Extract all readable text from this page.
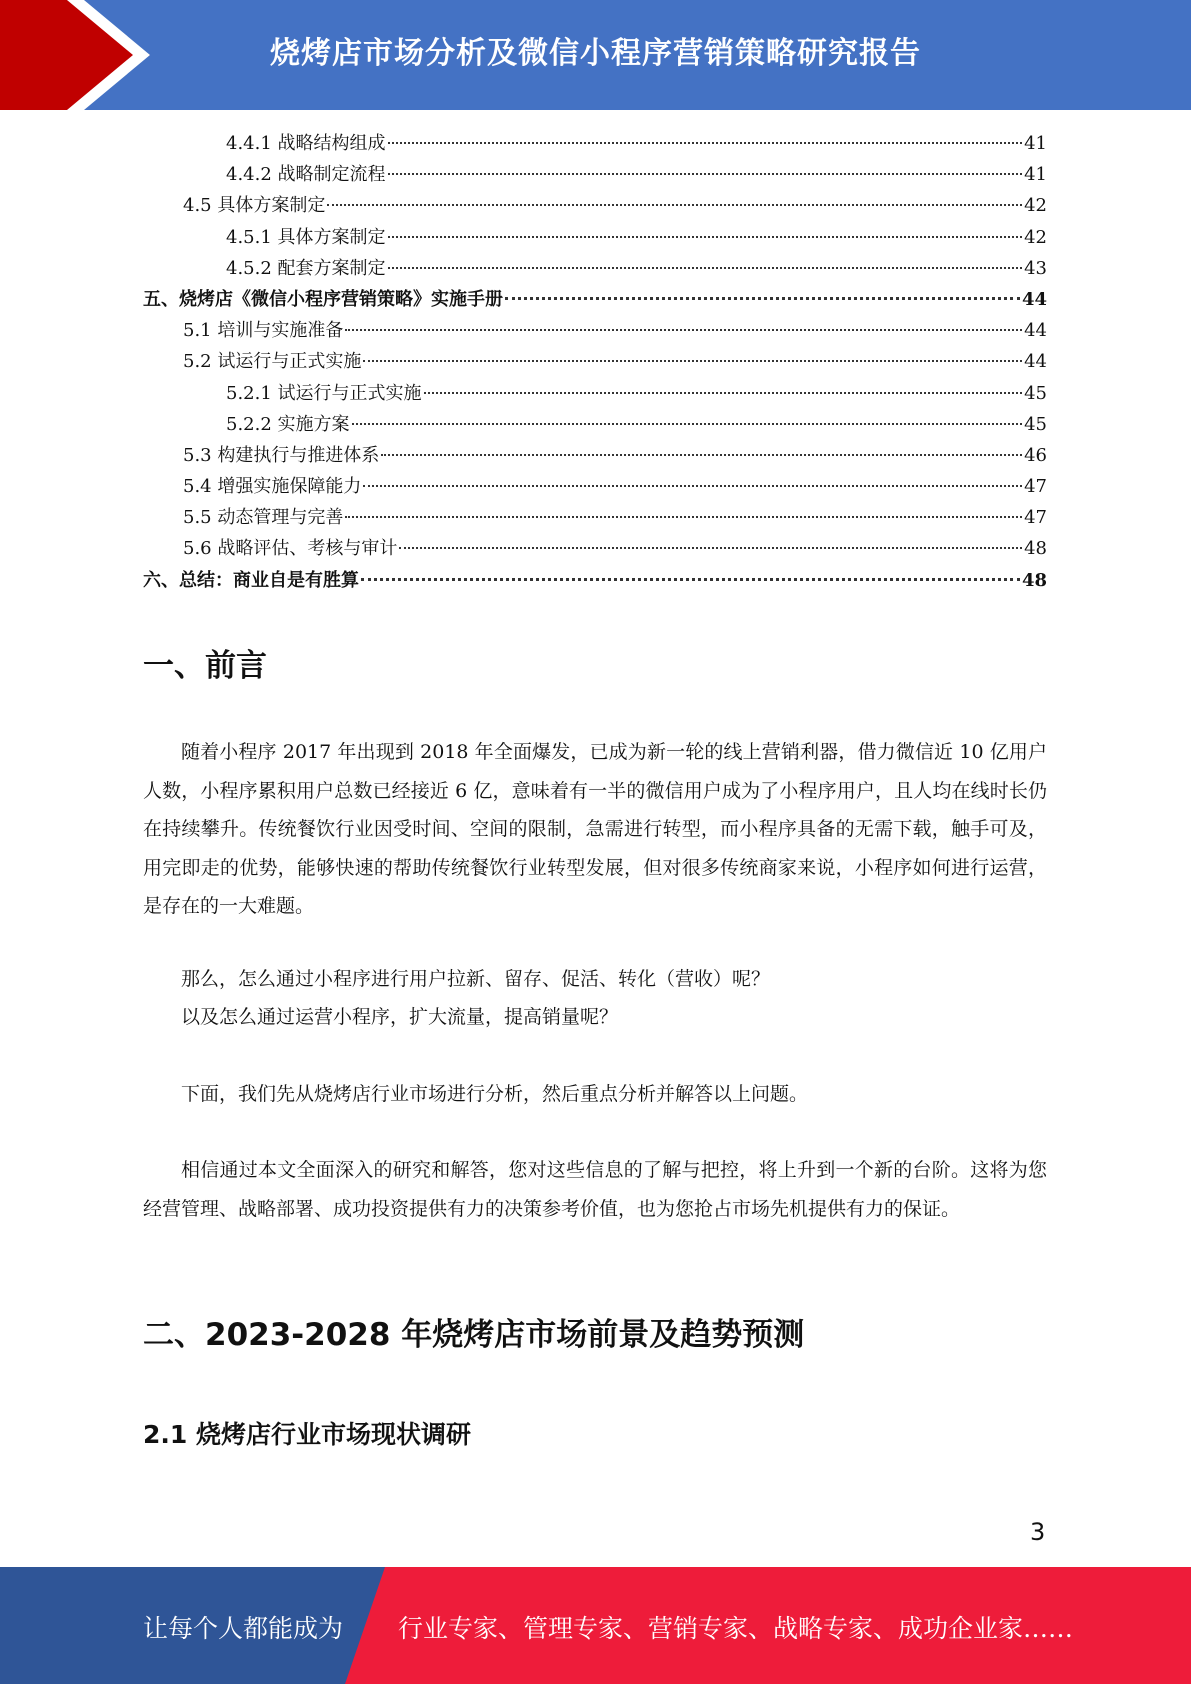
烧烤店市场分析及微信小程序营销策略研究报告
4.4.1 战略结构组成	41
4.4.2 战略制定流程	41
4.5 具体方案制定	42
4.5.1 具体方案制定	42
4.5.2 配套方案制定	43
五、烧烤店《微信小程序营销策略》实施手册	44
5.1 培训与实施准备	44
5.2 试运行与正式实施	44
5.2.1 试运行与正式实施	45
5.2.2 实施方案	45
5.3 构建执行与推进体系	46
5.4 增强实施保障能力	47
5.5 动态管理与完善	47
5.6 战略评估、考核与审计	48
六、总结：商业自是有胜算	48
一、前言

随着小程序 2017 年出现到 2018 年全面爆发，已成为新一轮的线上营销利器，借力微信近 10 亿用户人数，小程序累积用户总数已经接近 6 亿，意味着有一半的微信用户成为了小程序用户，且人均在线时长仍在持续攀升。传统餐饮行业因受时间、空间的限制，急需进行转型，而小程序具备的无需下载，触手可及，用完即走的优势，能够快速的帮助传统餐饮行业转型发展，但对很多传统商家来说，小程序如何进行运营，是存在的一大难题。

那么，怎么通过小程序进行用户拉新、留存、促活、转化（营收）呢？

以及怎么通过运营小程序，扩大流量，提高销量呢？

下面，我们先从烧烤店行业市场进行分析，然后重点分析并解答以上问题。

相信通过本文全面深入的研究和解答，您对这些信息的了解与把控，将上升到一个新的台阶。这将为您经营管理、战略部署、成功投资提供有力的决策参考价值，也为您抢占市场先机提供有力的保证。

二、2023-2028 年烧烤店市场前景及趋势预测
2.1 烧烤店行业市场现状调研
3
让每个人都能成为 行业专家、管理专家、营销专家、战略专家、成功企业家……
